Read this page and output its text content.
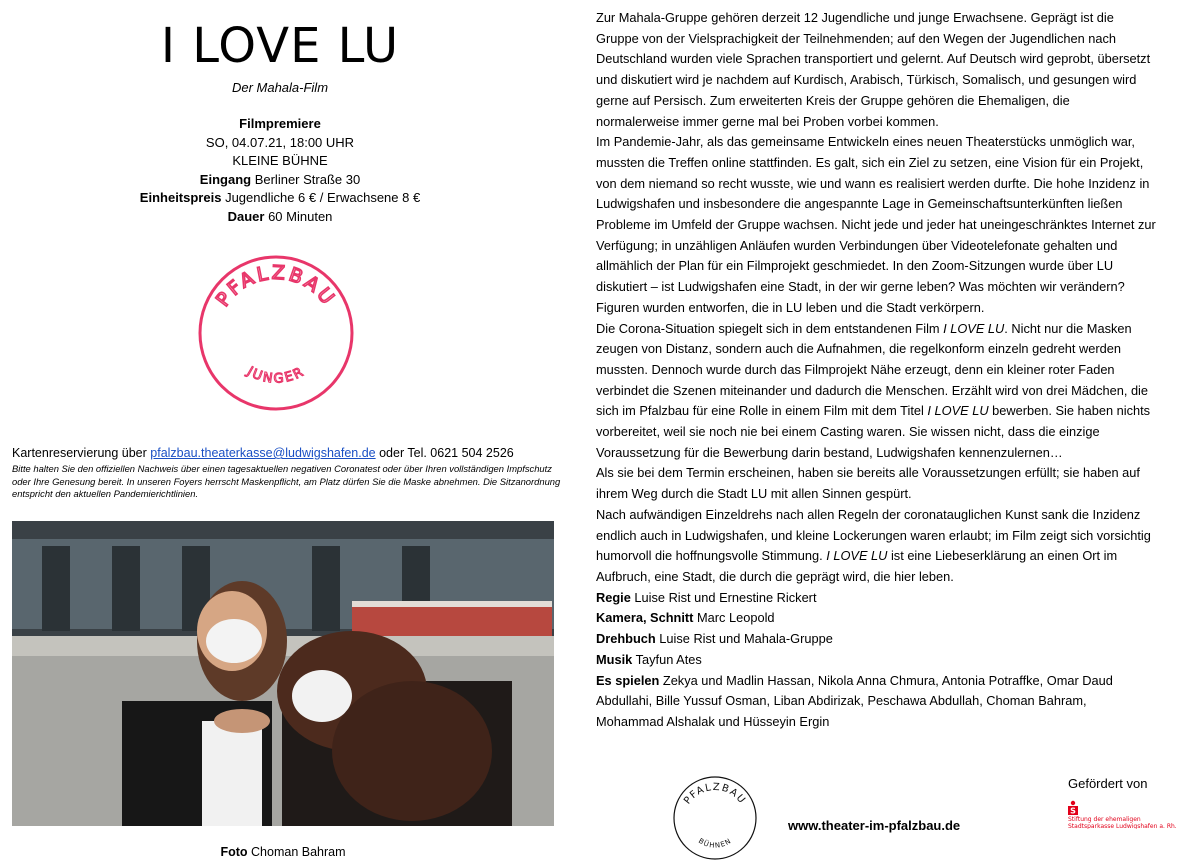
I LOVE LU
Der Mahala-Film
Filmpremiere
SO, 04.07.21, 18:00 UHR
KLEINE BÜHNE
Eingang Berliner Straße 30
Einheitspreis Jugendliche 6 € / Erwachsene 8 €
Dauer 60 Minuten
PFALZBAU
JUNGER
Kartenreservierung über pfalzbau.theaterkasse@ludwigshafen.de oder Tel. 0621 504 2526
Bitte halten Sie den offiziellen Nachweis über einen tagesaktuellen negativen Coronatest oder über Ihren vollständigen Impfschutz oder Ihre Genesung bereit. In unseren Foyers herrscht Maskenpflicht, am Platz dürfen Sie die Maske abnehmen. Die Sitzanordnung entspricht den aktuellen Pandemierichtlinien.
Foto Choman Bahram

Zur Mahala-Gruppe gehören derzeit 12 Jugendliche und junge Erwachsene. Geprägt ist die Gruppe von der Vielsprachigkeit der Teilnehmenden; auf den Wegen der Jugendlichen nach Deutschland wurden viele Sprachen transportiert und gelernt. Auf Deutsch wird geprobt, übersetzt und diskutiert wird je nachdem auf Kurdisch, Arabisch, Türkisch, Somalisch, und gesungen wird gerne auf Persisch. Zum erweiterten Kreis der Gruppe gehören die Ehemaligen, die normalerweise immer gerne mal bei Proben vorbei kommen.

Im Pandemie-Jahr, als das gemeinsame Entwickeln eines neuen Theaterstücks unmöglich war, mussten die Treffen online stattfinden. Es galt, sich ein Ziel zu setzen, eine Vision für ein Projekt, von dem niemand so recht wusste, wie und wann es realisiert werden durfte. Die hohe Inzidenz in Ludwigshafen und insbesondere die angespannte Lage in Gemeinschaftsunterkünften ließen Probleme im Umfeld der Gruppe wachsen. Nicht jede und jeder hat uneingeschränktes Internet zur Verfügung; in unzähligen Anläufen wurden Verbindungen über Videotelefonate gehalten und allmählich der Plan für ein Filmprojekt geschmiedet. In den Zoom-Sitzungen wurde über LU diskutiert – ist Ludwigshafen eine Stadt, in der wir gerne leben? Was möchten wir verändern? Figuren wurden entworfen, die in LU leben und die Stadt verkörpern.

Die Corona-Situation spiegelt sich in dem entstandenen Film I LOVE LU. Nicht nur die Masken zeugen von Distanz, sondern auch die Aufnahmen, die regelkonform einzeln gedreht werden mussten. Dennoch wurde durch das Filmprojekt Nähe erzeugt, denn ein kleiner roter Faden verbindet die Szenen miteinander und dadurch die Menschen. Erzählt wird von drei Mädchen, die sich im Pfalzbau für eine Rolle in einem Film mit dem Titel I LOVE LU bewerben. Sie haben nichts vorbereitet, weil sie noch nie bei einem Casting waren. Sie wissen nicht, dass die einzige Voraussetzung für die Bewerbung darin bestand, Ludwigshafen kennenzulernen…

Als sie bei dem Termin erscheinen, haben sie bereits alle Voraussetzungen erfüllt; sie haben auf ihrem Weg durch die Stadt LU mit allen Sinnen gespürt.

Nach aufwändigen Einzeldrehs nach allen Regeln der coronatauglichen Kunst sank die Inzidenz endlich auch in Ludwigshafen, und kleine Lockerungen waren erlaubt; im Film zeigt sich vorsichtig humorvoll die hoffnungsvolle Stimmung. I LOVE LU ist eine Liebeserklärung an einen Ort im Aufbruch, eine Stadt, die durch die geprägt wird, die hier leben.

Regie Luise Rist und Ernestine Rickert

Kamera, Schnitt Marc Leopold

Drehbuch Luise Rist und Mahala-Gruppe

Musik Tayfun Ates

Es spielen Zekya und Madlin Hassan, Nikola Anna Chmura, Antonia Potraffke, Omar Daud Abdullahi, Bille Yussuf Osman, Liban Abdirizak, Peschawa Abdullah, Choman Bahram, Mohammad Alshalak und Hüsseyin Ergin

PFALZBAU
BÜHNEN
www.theater-im-pfalzbau.de
Gefördert von
S
Stiftung der ehemaligen
Stadtsparkasse Ludwigshafen a. Rh.
